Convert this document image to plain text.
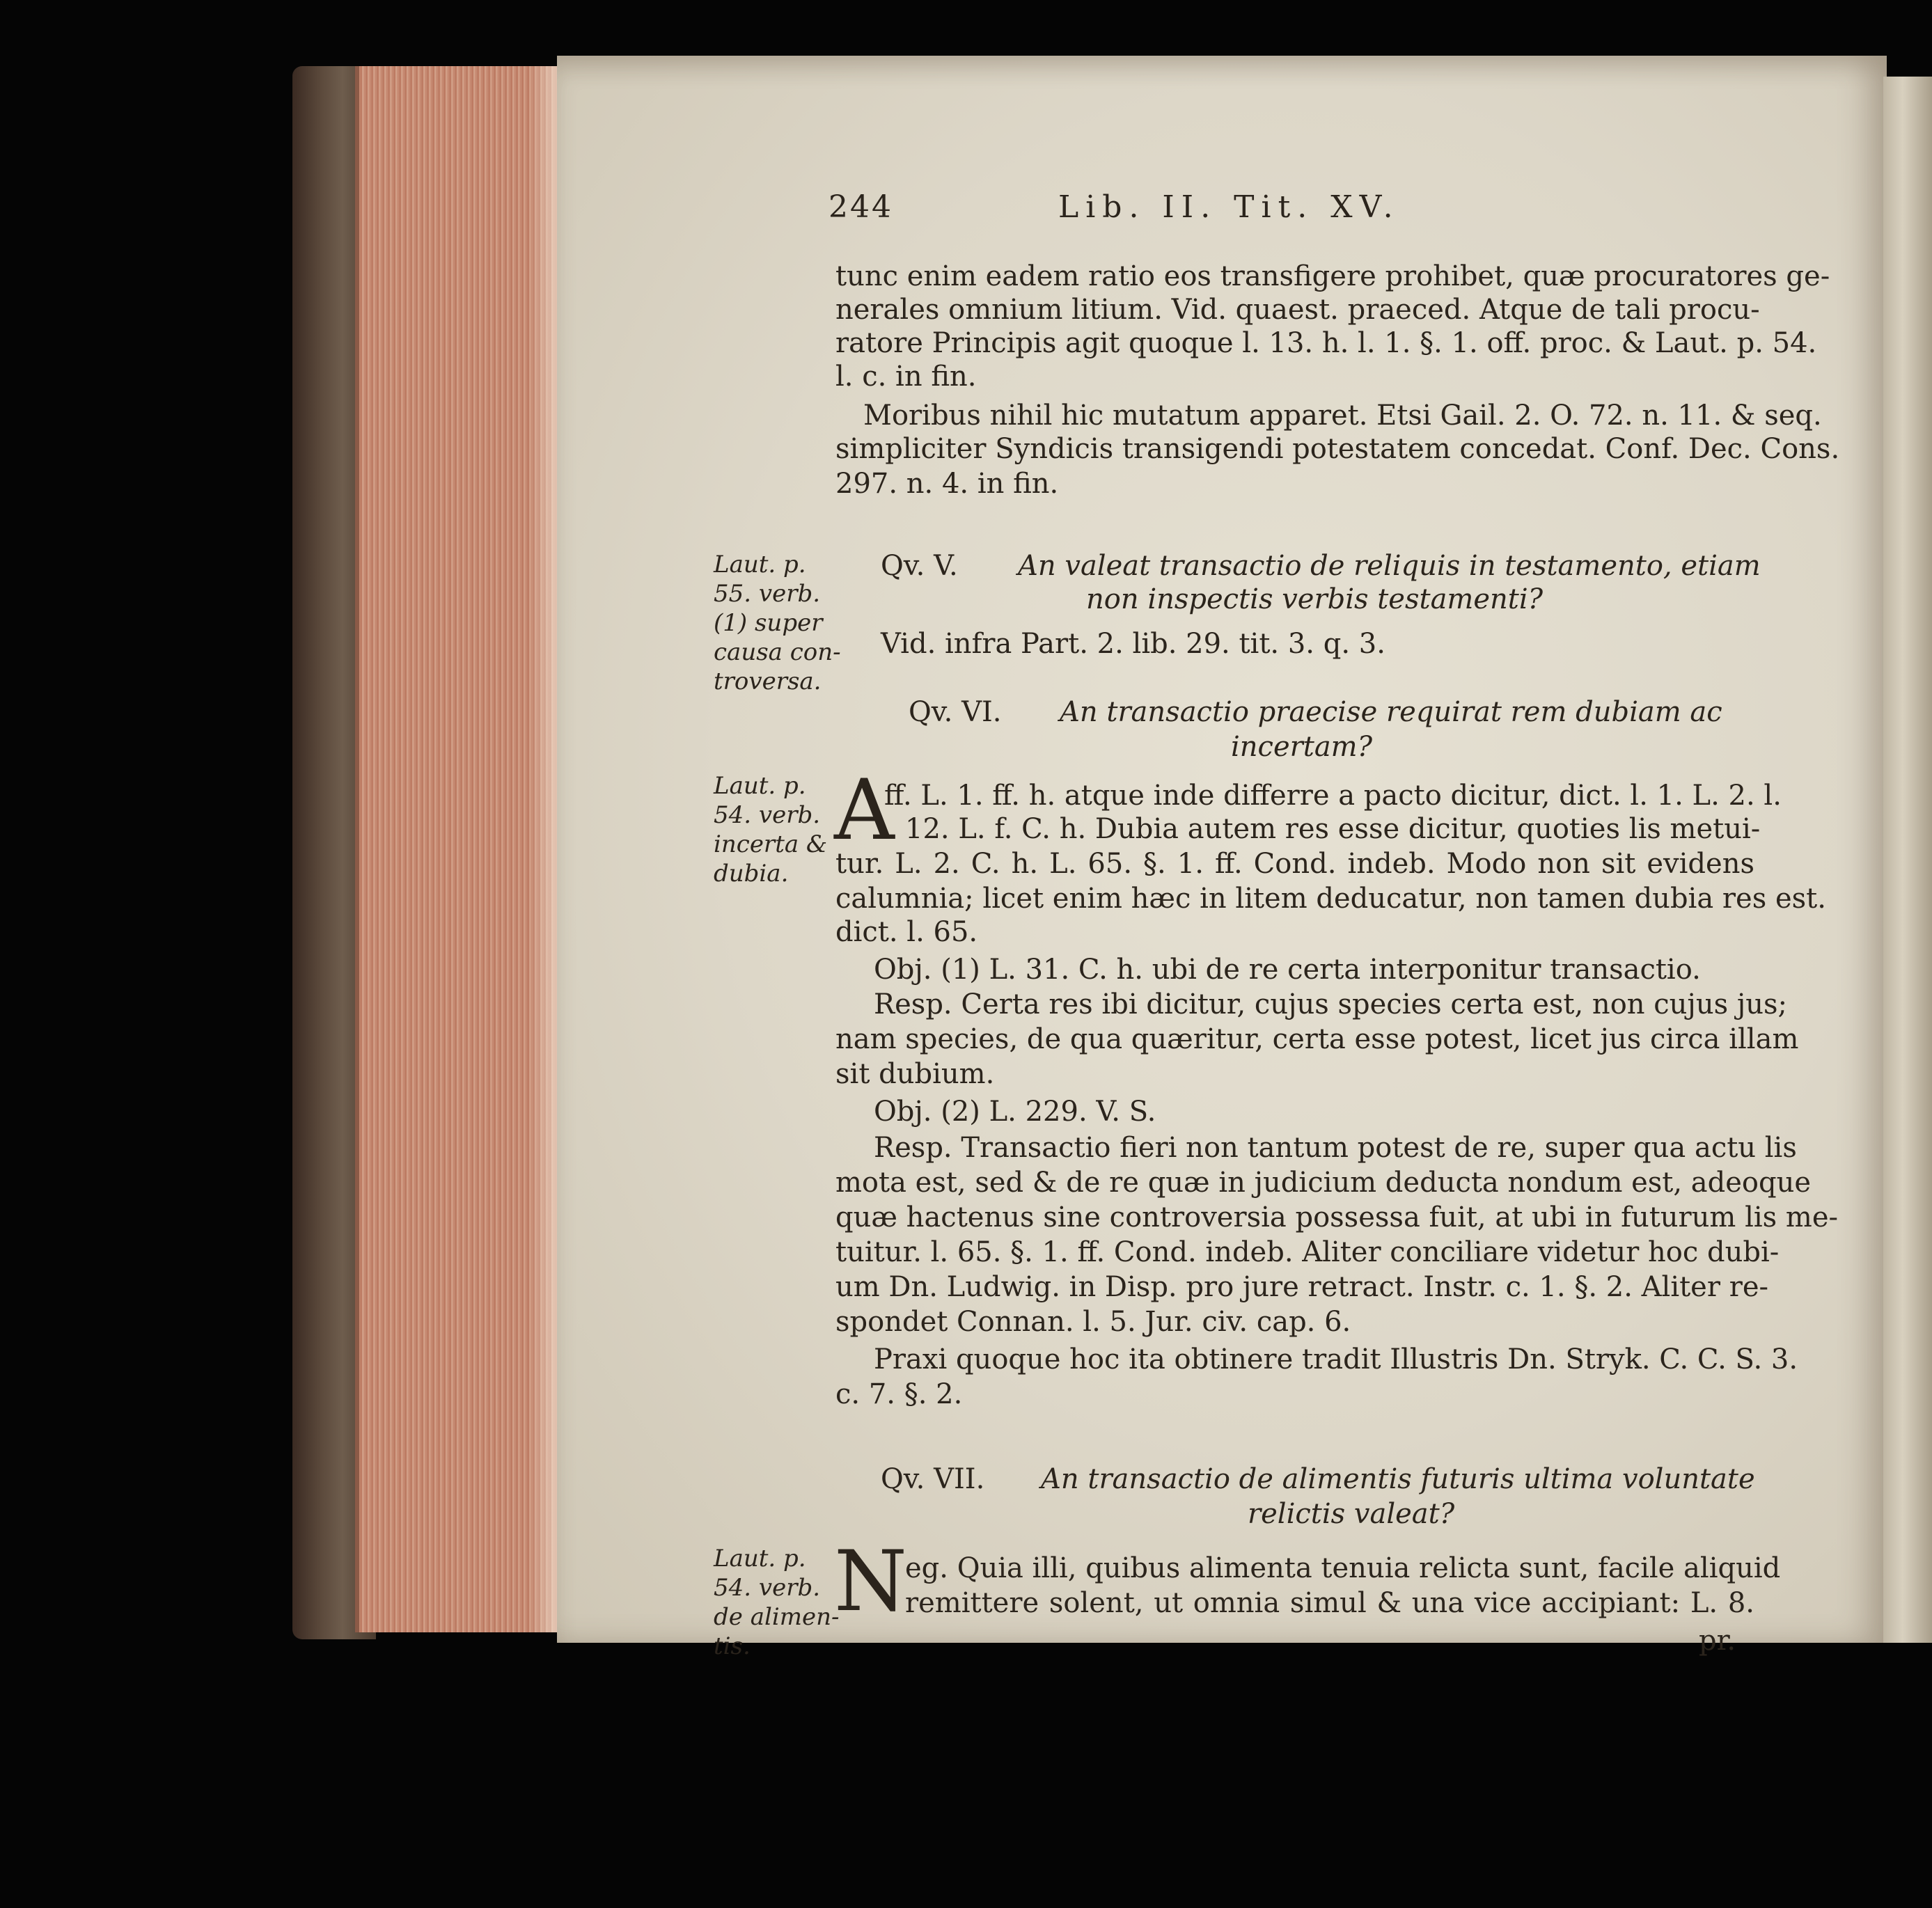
244	Lib. II. Tit. XV.
tunc enim eadem ratio eos transfigere prohibet, quæ procuratores ge-
nerales omnium litium. Vid. quaest. praeced. Atque de tali procu-
ratore Principis agit quoque l. 13. h. l. 1. §. 1. off. proc. & Laut. p. 54.
l. c. in fin.
Moribus nihil hic mutatum apparet. Etsi Gail. 2. O. 72. n. 11. & seq.
simpliciter Syndicis transigendi potestatem concedat. Conf. Dec. Cons.
297. n. 4. in fin.
Laut. p.
55. verb.
(1) super
causa con-
troversa.
Laut. p.
54. verb.
incerta &
dubia.
Laut. p.
54. verb.
de alimen-
tis.
Qv. V. An valeat transactio de reliquis in testamento, etiam
non inspectis verbis testamenti?
Vid. infra Part. 2. lib. 29. tit. 3. q. 3.
Qv. VI. An transactio praecise requirat rem dubiam ac
incertam?
A
ff. L. 1. ff. h. atque inde differre a pacto dicitur, dict. l. 1. L. 2. l.
12. L. f. C. h. Dubia autem res esse dicitur, quoties lis metui-
tur. L. 2. C. h. L. 65. §. 1. ff. Cond. indeb. Modo non sit evidens
calumnia; licet enim hæc in litem deducatur, non tamen dubia res est.
dict. l. 65.
Obj. (1) L. 31. C. h. ubi de re certa interponitur transactio.
Resp. Certa res ibi dicitur, cujus species certa est, non cujus jus;
nam species, de qua quæritur, certa esse potest, licet jus circa illam
sit dubium.
Obj. (2) L. 229. V. S.
Resp. Transactio fieri non tantum potest de re, super qua actu lis
mota est, sed & de re quæ in judicium deducta nondum est, adeoque
quæ hactenus sine controversia possessa fuit, at ubi in futurum lis me-
tuitur. l. 65. §. 1. ff. Cond. indeb. Aliter conciliare videtur hoc dubi-
um Dn. Ludwig. in Disp. pro jure retract. Instr. c. 1. §. 2. Aliter re-
spondet Connan. l. 5. Jur. civ. cap. 6.
Praxi quoque hoc ita obtinere tradit Illustris Dn. Stryk. C. C. S. 3.
c. 7. §. 2.
Qv. VII. An transactio de alimentis futuris ultima voluntate
relictis valeat?
N
eg. Quia illi, quibus alimenta tenuia relicta sunt, facile aliquid
remittere solent, ut omnia simul & una vice accipiant: L. 8.
pr.
